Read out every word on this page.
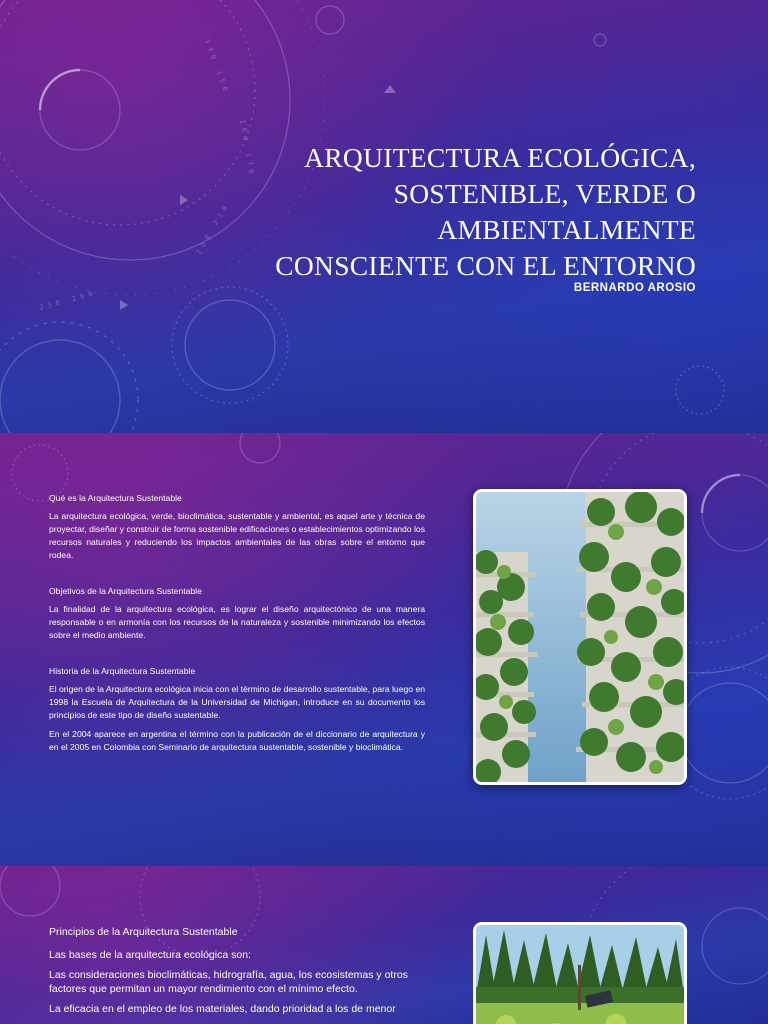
1 4 0   1 5 0
1 6 0   1 7 0
2 0 0   2 1 0
2 5 0   2 6 0
ARQUITECTURA ECOLÓGICA,
SOSTENIBLE, VERDE O
AMBIENTALMENTE
CONSCIENTE CON EL ENTORNO
BERNARDO AROSIO

Qué es la Arquitectura Sustentable

La arquitectura ecológica, verde, bioclimática, sustentable y ambiental, es aquel arte y técnica de proyectar, diseñar y construir de forma sostenible edificaciones o establecimientos optimizando los recursos naturales y reduciendo los impactos ambientales de las obras sobre el entorno que rodea.

Objetivos de la Arquitectura Sustentable

La finalidad de la arquitectura ecológica, es lograr el diseño arquitectónico de una manera responsable o en armonía con los recursos de la naturaleza y sostenible minimizando los efectos sobre el medio ambiente.

Historia de la Arquitectura Sustentable

El origen de la Arquitectura ecológica inicia con el término de desarrollo sustentable, para luego en 1998 la Escuela de Arquitectura de la Universidad de Michigan, introduce en su documento los principios de este tipo de diseño sustentable.

En el 2004 aparece en argentina el término con la publicación de el diccionario de arquitectura y en el 2005 en Colombia con Seminario de arquitectura sustentable, sostenible y bioclimática.

Principios de la Arquitectura Sustentable

Las bases de la arquitectura ecológica son:

Las consideraciones bioclimáticas, hidrografía, agua, los ecosistemas y otros factores que permitan un mayor rendimiento con el mínimo efecto.

La eficacia en el empleo de los materiales, dando prioridad a los de menor
